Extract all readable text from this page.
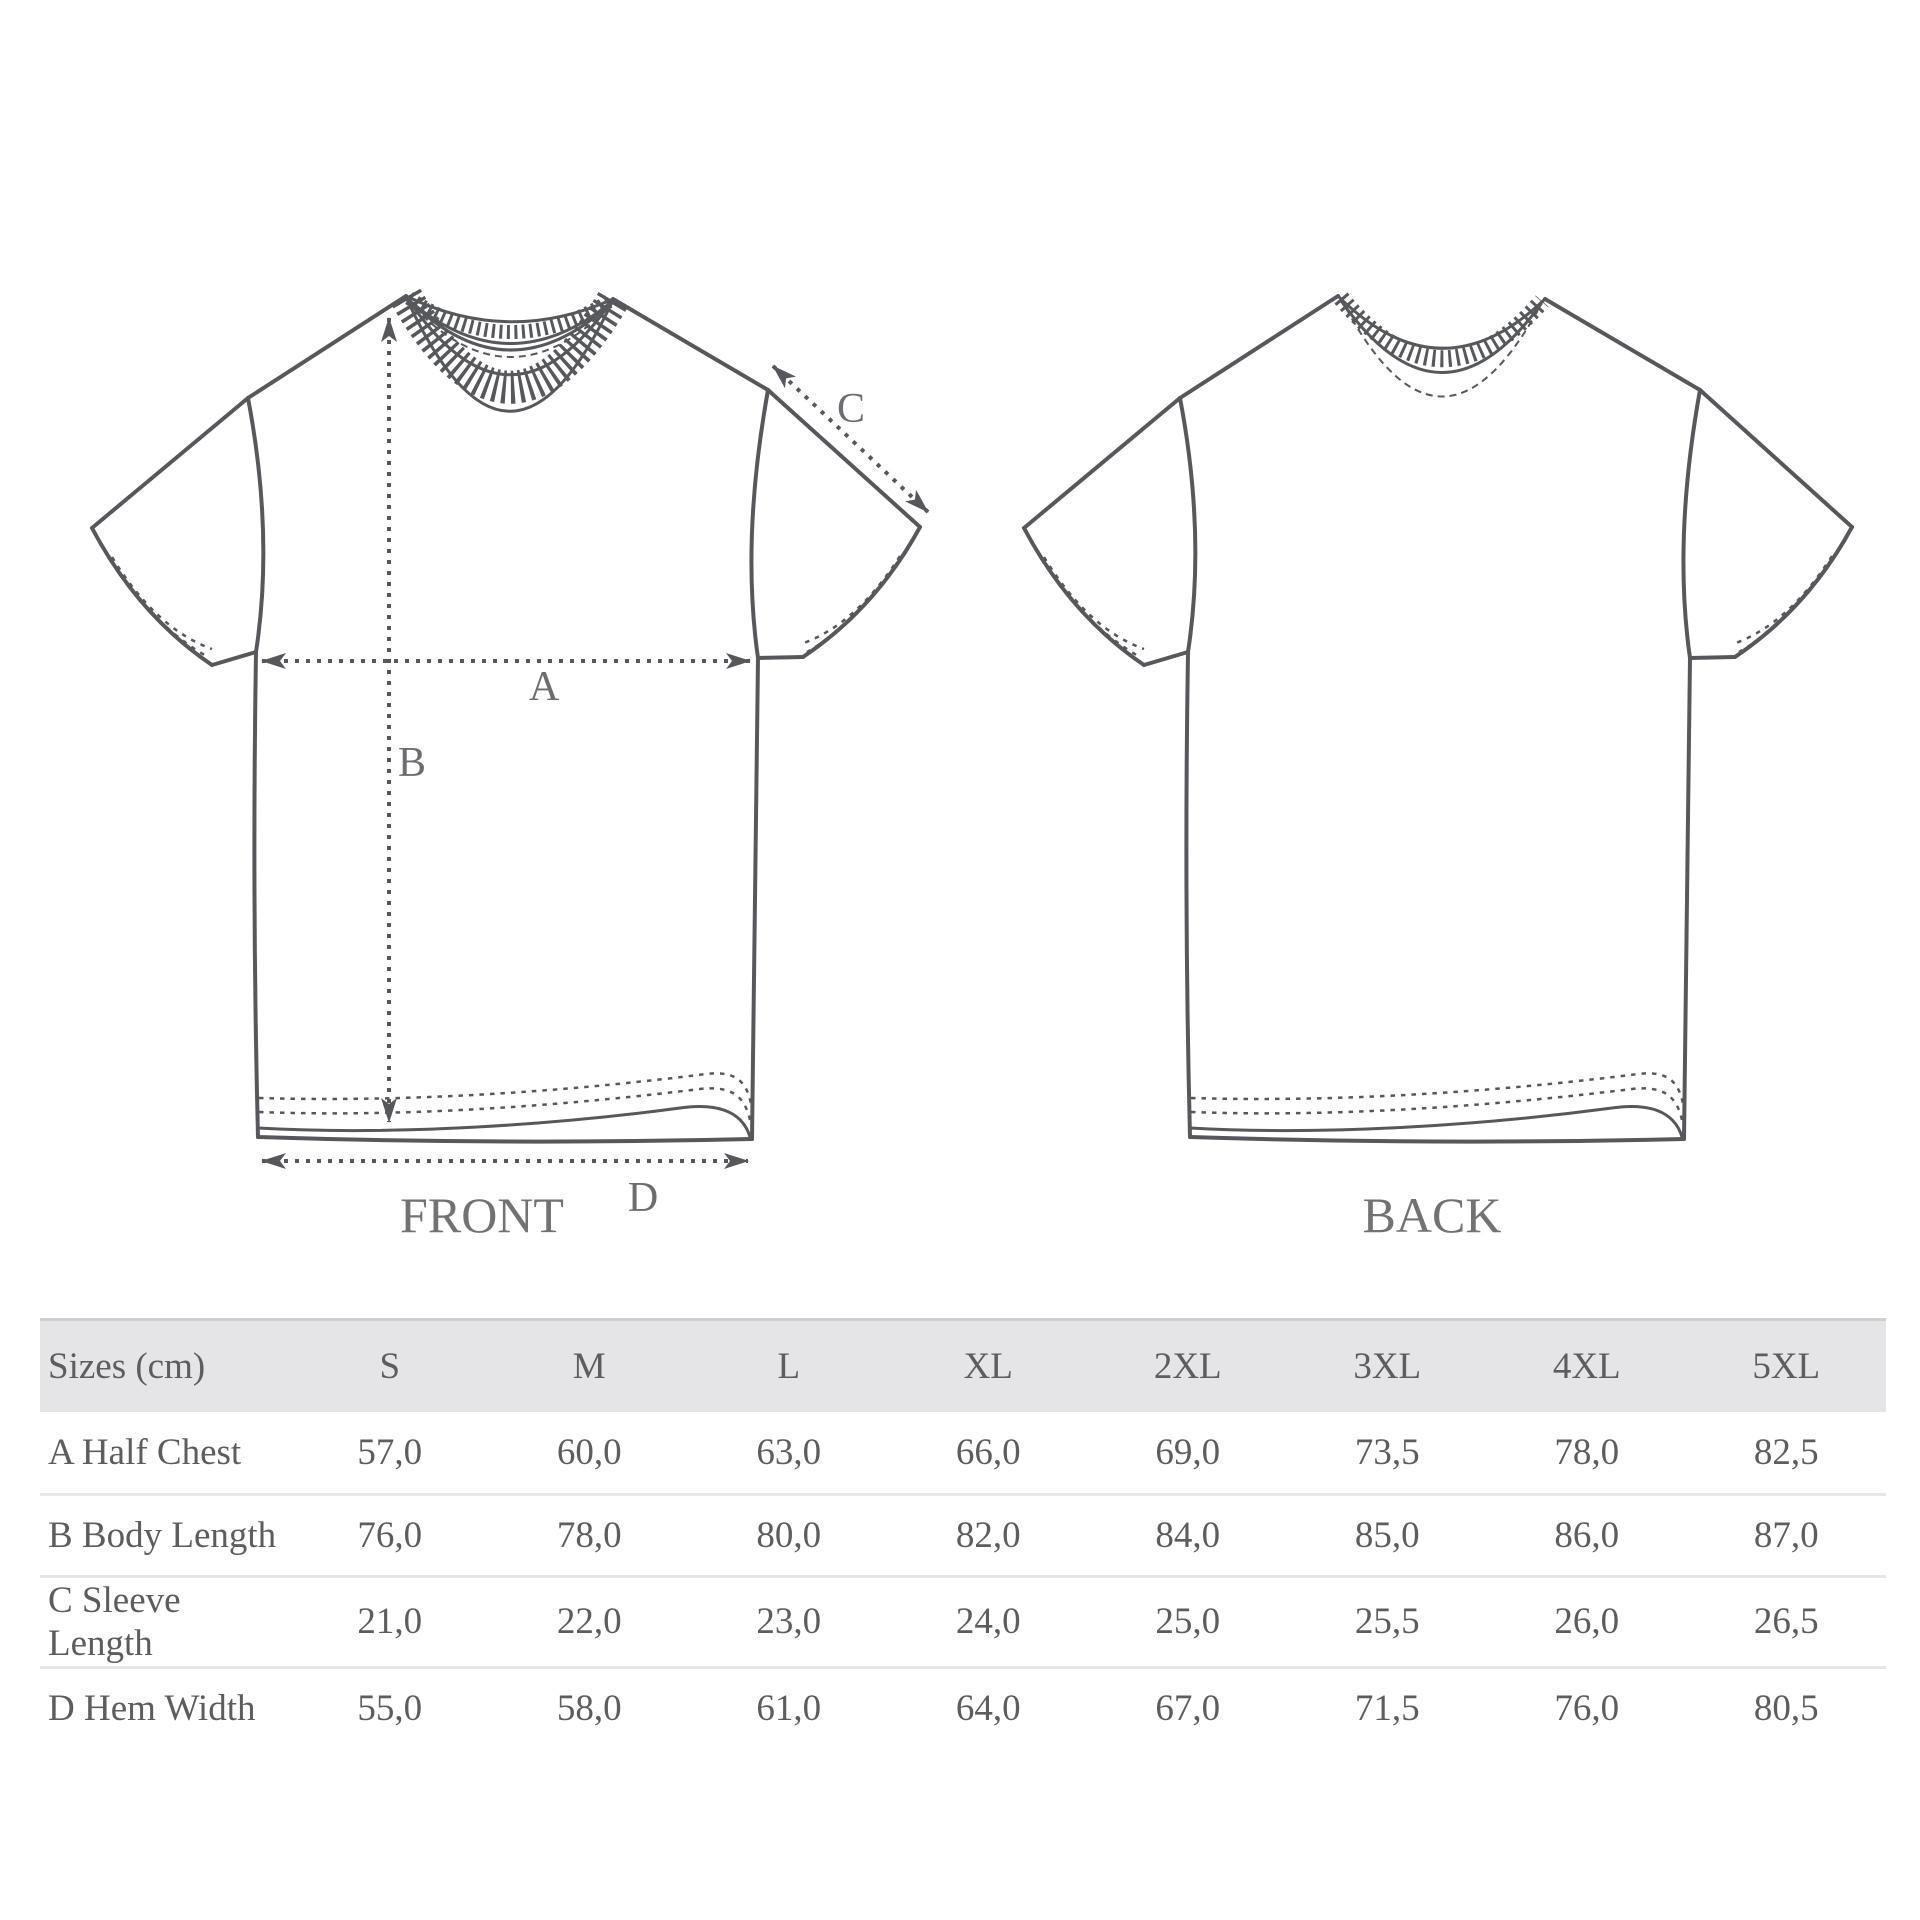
A
B
C
D
FRONT	BACK
Sizes (cm)	S	M	L	XL	2XL	3XL	4XL	5XL
A Half Chest	57,0	60,0	63,0	66,0	69,0	73,5	78,0	82,5
B Body Length	76,0	78,0	80,0	82,0	84,0	85,0	86,0	87,0
C Sleeve Length	21,0	22,0	23,0	24,0	25,0	25,5	26,0	26,5
D Hem Width	55,0	58,0	61,0	64,0	67,0	71,5	76,0	80,5
